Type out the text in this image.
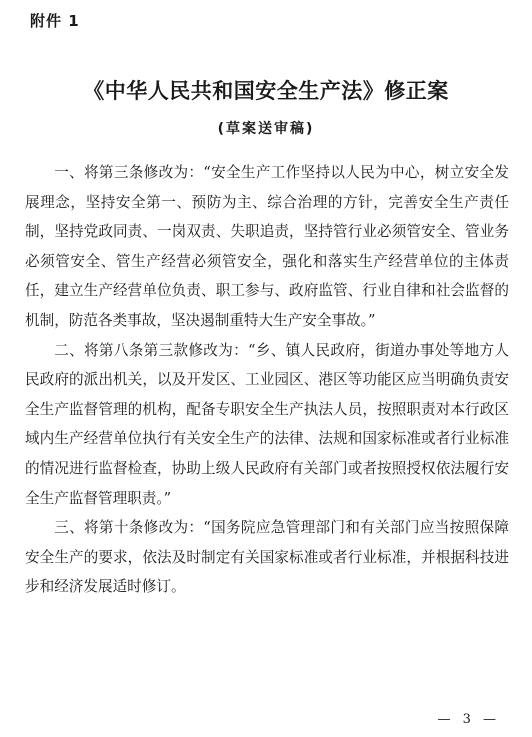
附件 1
《中华人民共和国安全生产法》修正案
(草案送审稿)

一、将第三条修改为：“安全生产工作坚持以人民为中心，树立安全发展理念，坚持安全第一、预防为主、综合治理的方针，完善安全生产责任制，坚持党政同责、一岗双责、失职追责，坚持管行业必须管安全、管业务必须管安全、管生产经营必须管安全，强化和落实生产经营单位的主体责任，建立生产经营单位负责、职工参与、政府监管、行业自律和社会监督的机制，防范各类事故，坚决遏制重特大生产安全事故。”

二、将第八条第三款修改为：“乡、镇人民政府，街道办事处等地方人民政府的派出机关，以及开发区、工业园区、港区等功能区应当明确负责安全生产监督管理的机构，配备专职安全生产执法人员，按照职责对本行政区域内生产经营单位执行有关安全生产的法律、法规和国家标准或者行业标准的情况进行监督检查，协助上级人民政府有关部门或者按照授权依法履行安全生产监督管理职责。”

三、将第十条修改为：“国务院应急管理部门和有关部门应当按照保障安全生产的要求，依法及时制定有关国家标准或者行业标准，并根据科技进步和经济发展适时修订。

— 3 —
